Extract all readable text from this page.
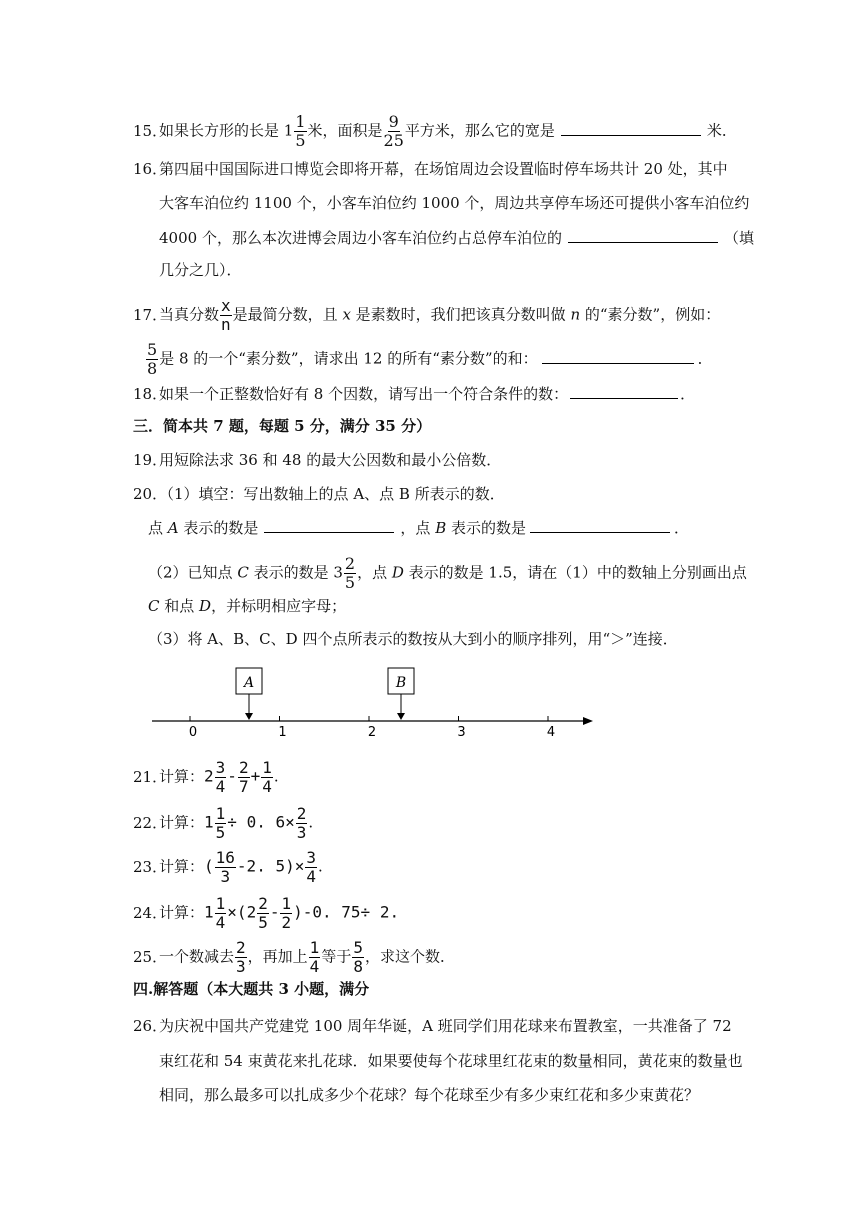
15．如果长方形的长是 $1 \frac{1}{5}$ 米，面积是 $\frac{9}{25}$ 平方米，那么它的宽是	米．
16．第四届中国国际进口博览会即将开幕，在场馆周边会设置临时停车场共计 20 处，其中
大客车泊位约 1100 个，小客车泊位约 1000 个，周边共享停车场还可提供小客车泊位约
4000 个，那么本次进博会周边小客车泊位约占总停车泊位的	（填
几分之几）．
17．当真分数 $\frac{x}{n}$ 是最简分数，且 x 是素数时，我们把该真分数叫做 n 的“素分数”，例如：
$\frac{5}{8}$ 是 8 的一个“素分数”，请求出 12 的所有“素分数”的和：	．
18．如果一个正整数恰好有 8 个因数，请写出一个符合条件的数：	．
三．简本共 7 题，每题 5 分，满分 35 分）
19．用短除法求 36 和 48 的最大公因数和最小公倍数．
20．（1）填空：写出数轴上的点 A、点 B 所表示的数．
点 A 表示的数是	，点 B 表示的数是	．
（2）已知点 C 表示的数是 $3 \frac{2}{5}$ ，点 D 表示的数是 1.5，请在（1）中的数轴上分别画出点
C 和点 D，并标明相应字母；
（3）将 A、B、C、D 四个点所表示的数按从大到小的顺序排列，用“＞”连接．
A	B
0	1	2	3	4
21．计算：$2 \frac{3}{4} - \frac{2}{7} + \frac{1}{4}$ .
22．计算：$1 \frac{1}{5} \div 0$. $6\times \frac{2}{3}$ .
23．计算：( $\frac{16}{3} -2$. $5)\times \frac{3}{4}$ .
24．计算：$1 \frac{1}{4} \times(2 \frac{2}{5} - \frac{1}{2} )-0$. 75÷ 2.
25．一个数减去 $\frac{2}{3}$ ，再加上 $\frac{1}{4}$ 等于 $\frac{5}{8}$ ，求这个数．
四.解答题（本大题共 3 小题，满分
26．为庆祝中国共产党建党 100 周年华诞，A 班同学们用花球来布置教室，一共准备了 72
束红花和 54 束黄花来扎花球．如果要使每个花球里红花束的数量相同，黄花束的数量也
相同，那么最多可以扎成多少个花球？每个花球至少有多少束红花和多少束黄花？
